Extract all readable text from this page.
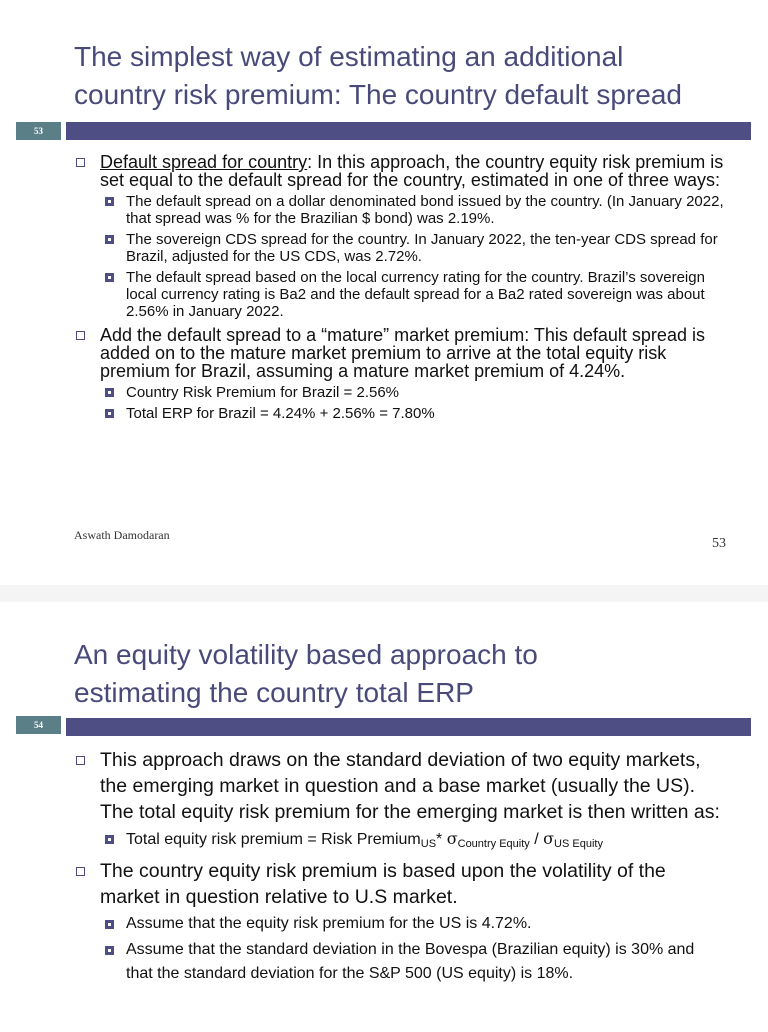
The simplest way of estimating an additional
country risk premium: The country default spread
53
Default spread for country: In this approach, the country equity risk premium is set equal to the default spread for the country, estimated in one of three ways:
The default spread on a dollar denominated bond issued by the country. (In January 2022, that spread was % for the Brazilian $ bond) was 2.19%.
The sovereign CDS spread for the country. In January 2022, the ten-year CDS spread for Brazil, adjusted for the US CDS, was 2.72%.
The default spread based on the local currency rating for the country. Brazil’s sovereign local currency rating is Ba2 and the default spread for a Ba2 rated sovereign was about 2.56% in January 2022.
Add the default spread to a “mature” market premium: This default spread is added on to the mature market premium to arrive at the total equity risk premium for Brazil, assuming a mature market premium of 4.24%.
Country Risk Premium for Brazil = 2.56%
Total ERP for Brazil = 4.24% + 2.56% = 7.80%
Aswath Damodaran
53
An equity volatility based approach to
estimating the country total ERP
54
This approach draws on the standard deviation of two equity markets, the emerging market in question and a base market (usually the US). The total equity risk premium for the emerging market is then written as:
Total equity risk premium = Risk Premium$_{US}$* $\sigma_{Country Equity} / \sigma_{US Equity}$
The country equity risk premium is based upon the volatility of the market in question relative to U.S market.
Assume that the equity risk premium for the US is 4.72%.
Assume that the standard deviation in the Bovespa (Brazilian equity) is 30% and that the standard deviation for the S&P 500 (US equity) is 18%.
